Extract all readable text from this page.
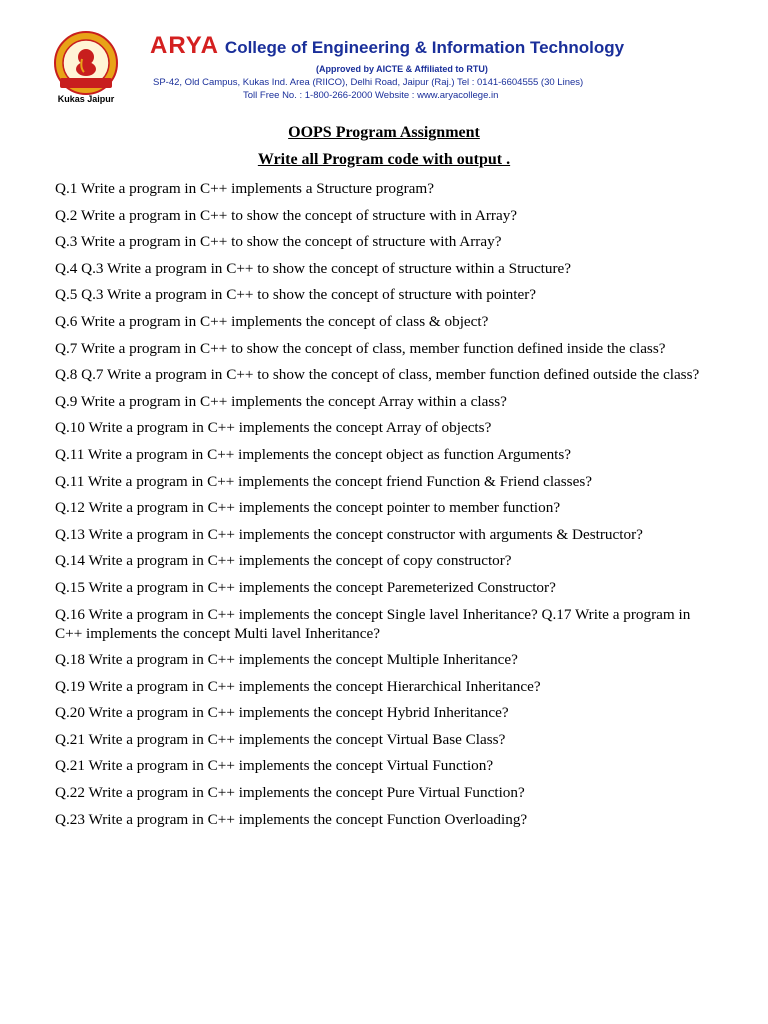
Kukas Jaipur
ARYA College of Engineering & Information Technology
(Approved by AICTE & Affiliated to RTU)
SP-42, Old Campus, Kukas Ind. Area (RIICO), Delhi Road, Jaipur (Raj.) Tel : 0141-6604555 (30 Lines)
Toll Free No. : 1-800-266-2000 Website : www.aryacollege.in
OOPS Program Assignment
Write all Program code with output .
Q.1 Write a program in C++ implements a Structure program?
Q.2 Write a program in C++ to show the concept of structure with in Array?
Q.3 Write a program in C++ to show the concept of structure with Array?
Q.4 Q.3 Write a program in C++ to show the concept of structure within a Structure?
Q.5 Q.3 Write a program in C++ to show the concept of structure with pointer?
Q.6 Write a program in C++ implements the concept of class & object?
Q.7 Write a program in C++ to show the concept of class, member function defined inside the class?
Q.8 Q.7 Write a program in C++ to show the concept of class, member function defined outside the class?
Q.9 Write a program in C++ implements the concept Array within a class?
Q.10 Write a program in C++ implements the concept Array of objects?
Q.11 Write a program in C++ implements the concept object as function Arguments?
Q.11 Write a program in C++ implements the concept friend Function & Friend classes?
Q.12 Write a program in C++ implements the concept pointer to member function?
Q.13 Write a program in C++ implements the concept constructor with arguments & Destructor?
Q.14 Write a program in C++ implements the concept of copy constructor?
Q.15 Write a program in C++ implements the concept Paremeterized Constructor?
Q.16 Write a program in C++ implements the concept Single lavel Inheritance? Q.17 Write a program in C++ implements the concept Multi lavel Inheritance?
Q.18 Write a program in C++ implements the concept Multiple Inheritance?
Q.19 Write a program in C++ implements the concept Hierarchical Inheritance?
Q.20 Write a program in C++ implements the concept Hybrid Inheritance?
Q.21 Write a program in C++ implements the concept Virtual Base Class?
Q.21 Write a program in C++ implements the concept Virtual Function?
Q.22 Write a program in C++ implements the concept Pure Virtual Function?
Q.23 Write a program in C++ implements the concept Function Overloading?
